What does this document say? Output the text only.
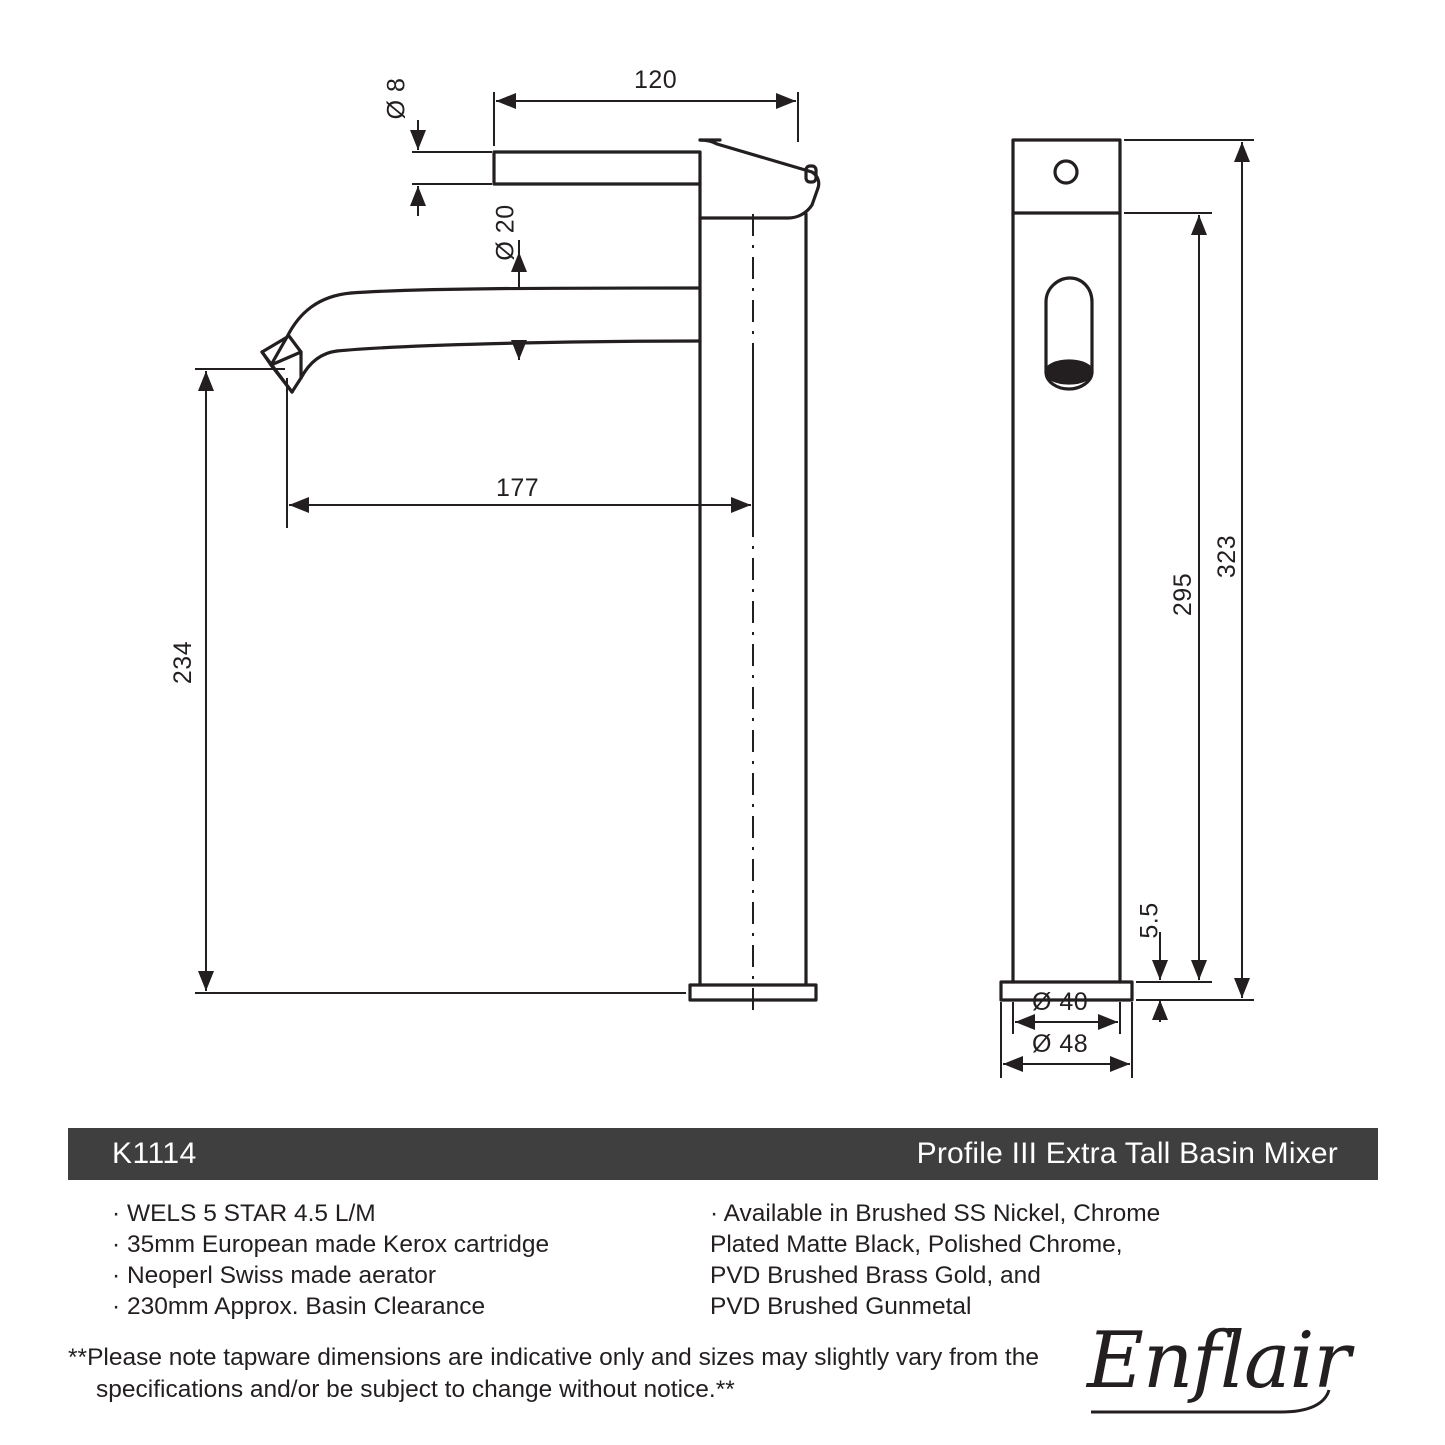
120
Ø 8
Ø 20
177
234
323
295
5.5
Ø 40
Ø 48
K1114	Profile III Extra Tall Basin Mixer
· WELS 5 STAR 4.5 L/M
· 35mm European made Kerox cartridge
· Neoperl Swiss made aerator
· 230mm Approx. Basin Clearance
· Available in Brushed SS Nickel, Chrome
Plated Matte Black, Polished Chrome,
PVD Brushed Brass Gold, and
PVD Brushed Gunmetal
**Please note tapware dimensions are indicative only and sizes may slightly vary from the
specifications and/or be subject to change without notice.**	Enflair
